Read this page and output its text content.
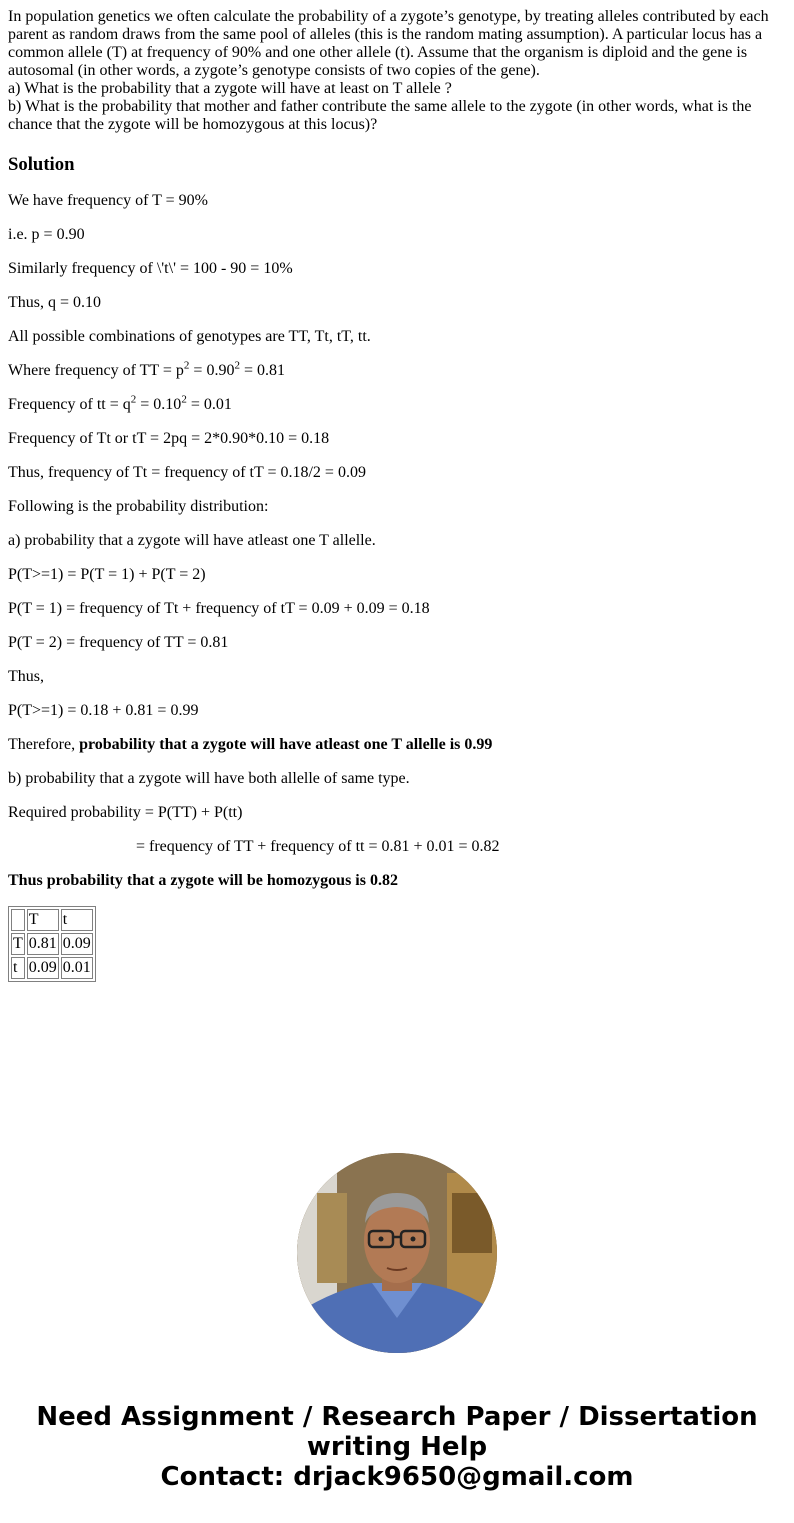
In population genetics we often calculate the probability of a zygote’s genotype, by treating alleles contributed by each parent as random draws from the same pool of alleles (this is the random mating assumption). A particular locus has a common allele (T) at frequency of 90% and one other allele (t). Assume that the organism is diploid and the gene is autosomal (in other words, a zygote’s genotype consists of two copies of the gene).

a) What is the probability that a zygote will have at least on T allele ?

b) What is the probability that mother and father contribute the same allele to the zygote (in other words, what is the chance that the zygote will be homozygous at this locus)?

Solution

We have frequency of T = 90%

i.e. p = 0.90

Similarly frequency of \'t\' = 100 - 90 = 10%

Thus, q = 0.10

All possible combinations of genotypes are TT, Tt, tT, tt.

Where frequency of TT = $p^2 = 0.90^2 = 0.81$

Frequency of tt = $q^2 = 0.10^2 = 0.01$

Frequency of Tt or tT = 2pq = 2*0.90*0.10 = 0.18

Thus, frequency of Tt = frequency of tT = 0.18/2 = 0.09

Following is the probability distribution:

a) probability that a zygote will have atleast one T allelle.

P(T>=1) = P(T = 1) + P(T = 2)

P(T = 1) = frequency of Tt + frequency of tT = 0.09 + 0.09 = 0.18

P(T = 2) = frequency of TT = 0.81

Thus,

P(T>=1) = 0.18 + 0.81 = 0.99

Therefore, probability that a zygote will have atleast one T allelle is 0.99

b) probability that a zygote will have both allelle of same type.

Required probability = P(TT) + P(tt)

= frequency of TT + frequency of tt = 0.81 + 0.01 = 0.82

Thus probability that a zygote will be homozygous is 0.82

	T	t
T	0.81	0.09
t	0.09	0.01
Need Assignment / Research Paper / Dissertation
writing Help
Contact: drjack9650@gmail.com
